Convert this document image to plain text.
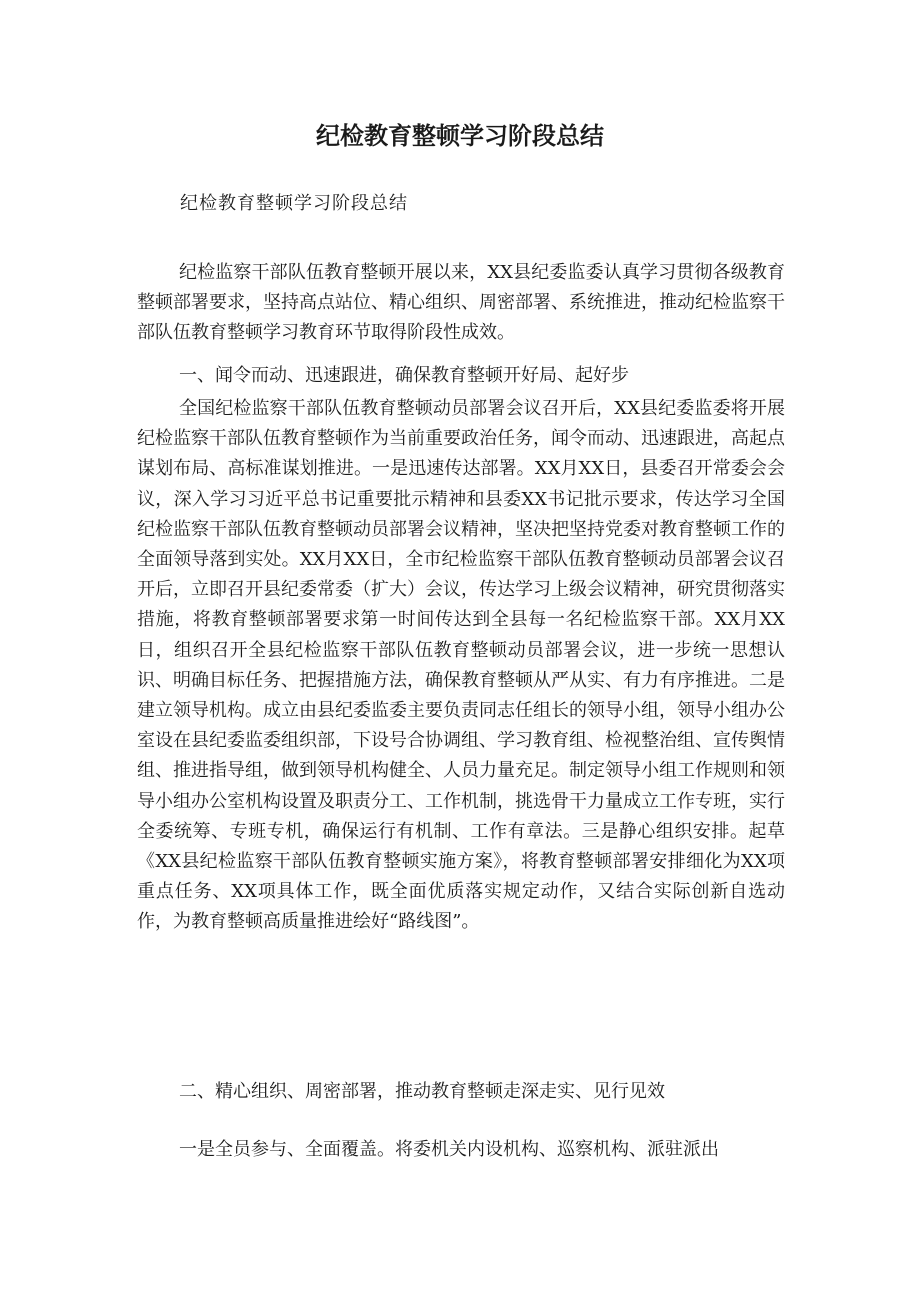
纪检教育整顿学习阶段总结

纪检教育整顿学习阶段总结

纪检监察干部队伍教育整顿开展以来，XX县纪委监委认真学习贯彻各级教育整顿部署要求，坚持高点站位、精心组织、周密部署、系统推进，推动纪检监察干部队伍教育整顿学习教育环节取得阶段性成效。

一、闻令而动、迅速跟进，确保教育整顿开好局、起好步

全国纪检监察干部队伍教育整顿动员部署会议召开后，XX县纪委监委将开展纪检监察干部队伍教育整顿作为当前重要政治任务，闻令而动、迅速跟进，高起点谋划布局、高标准谋划推进。一是迅速传达部署。XX月XX日，县委召开常委会会议，深入学习习近平总书记重要批示精神和县委XX书记批示要求，传达学习全国纪检监察干部队伍教育整顿动员部署会议精神，坚决把坚持党委对教育整顿工作的全面领导落到实处。XX月XX日，全市纪检监察干部队伍教育整顿动员部署会议召开后，立即召开县纪委常委（扩大）会议，传达学习上级会议精神，研究贯彻落实措施，将教育整顿部署要求第一时间传达到全县每一名纪检监察干部。XX月XX日，组织召开全县纪检监察干部队伍教育整顿动员部署会议，进一步统一思想认识、明确目标任务、把握措施方法，确保教育整顿从严从实、有力有序推进。二是建立领导机构。成立由县纪委监委主要负责同志任组长的领导小组，领导小组办公室设在县纪委监委组织部，下设号合协调组、学习教育组、检视整治组、宣传舆情组、推进指导组，做到领导机构健全、人员力量充足。制定领导小组工作规则和领导小组办公室机构设置及职责分工、工作机制，挑选骨干力量成立工作专班，实行全委统筹、专班专机，确保运行有机制、工作有章法。三是静心组织安排。起草《XX县纪检监察干部队伍教育整顿实施方案》，将教育整顿部署安排细化为XX项重点任务、XX项具体工作，既全面优质落实规定动作，又结合实际创新自选动作，为教育整顿高质量推进绘好“路线图”。

二、精心组织、周密部署，推动教育整顿走深走实、见行见效

一是全员参与、全面覆盖。将委机关内设机构、巡察机构、派驻派出
